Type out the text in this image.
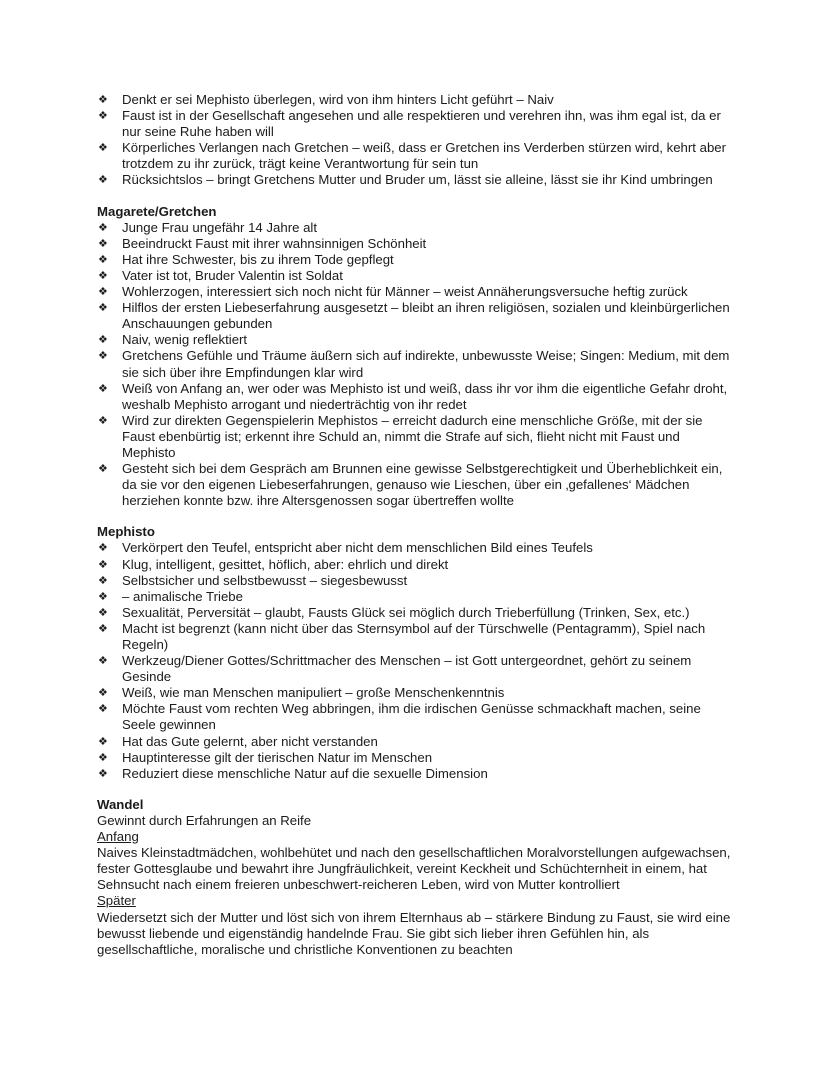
❖ Denkt er sei Mephisto überlegen, wird von ihm hinters Licht geführt – Naiv
❖ Faust ist in der Gesellschaft angesehen und alle respektieren und verehren ihn, was ihm egal ist, da er nur seine Ruhe haben will
❖ Körperliches Verlangen nach Gretchen – weiß, dass er Gretchen ins Verderben stürzen wird, kehrt aber trotzdem zu ihr zurück, trägt keine Verantwortung für sein tun
❖ Rücksichtslos – bringt Gretchens Mutter und Bruder um, lässt sie alleine, lässt sie ihr Kind umbringen
Magarete/Gretchen
❖ Junge Frau ungefähr 14 Jahre alt
❖ Beeindruckt Faust mit ihrer wahnsinnigen Schönheit
❖ Hat ihre Schwester, bis zu ihrem Tode gepflegt
❖ Vater ist tot, Bruder Valentin ist Soldat
❖ Wohlerzogen, interessiert sich noch nicht für Männer – weist Annäherungsversuche heftig zurück
❖ Hilflos der ersten Liebeserfahrung ausgesetzt – bleibt an ihren religiösen, sozialen und kleinbürgerlichen Anschauungen gebunden
❖ Naiv, wenig reflektiert
❖ Gretchens Gefühle und Träume äußern sich auf indirekte, unbewusste Weise; Singen: Medium, mit dem sie sich über ihre Empfindungen klar wird
❖ Weiß von Anfang an, wer oder was Mephisto ist und weiß, dass ihr vor ihm die eigentliche Gefahr droht, weshalb Mephisto arrogant und niederträchtig von ihr redet
❖ Wird zur direkten Gegenspielerin Mephistos – erreicht dadurch eine menschliche Größe, mit der sie Faust ebenbürtig ist; erkennt ihre Schuld an, nimmt die Strafe auf sich, flieht nicht mit Faust und Mephisto
❖ Gesteht sich bei dem Gespräch am Brunnen eine gewisse Selbstgerechtigkeit und Überheblichkeit ein, da sie vor den eigenen Liebeserfahrungen, genauso wie Lieschen, über ein ‚gefallenes‘ Mädchen herziehen konnte bzw. ihre Altersgenossen sogar übertreffen wollte
Mephisto
❖ Verkörpert den Teufel, entspricht aber nicht dem menschlichen Bild eines Teufels
❖ Klug, intelligent, gesittet, höflich, aber: ehrlich und direkt
❖ Selbstsicher und selbstbewusst – siegesbewusst
❖ – animalische Triebe
❖ Sexualität, Perversität – glaubt, Fausts Glück sei möglich durch Trieberfüllung (Trinken, Sex, etc.)
❖ Macht ist begrenzt (kann nicht über das Sternsymbol auf der Türschwelle (Pentagramm), Spiel nach Regeln)
❖ Werkzeug/Diener Gottes/Schrittmacher des Menschen – ist Gott untergeordnet, gehört zu seinem Gesinde
❖ Weiß, wie man Menschen manipuliert – große Menschenkenntnis
❖ Möchte Faust vom rechten Weg abbringen, ihm die irdischen Genüsse schmackhaft machen, seine Seele gewinnen
❖ Hat das Gute gelernt, aber nicht verstanden
❖ Hauptinteresse gilt der tierischen Natur im Menschen
❖ Reduziert diese menschliche Natur auf die sexuelle Dimension
Wandel

Gewinnt durch Erfahrungen an Reife

Anfang

Naives Kleinstadtmädchen, wohlbehütet und nach den gesellschaftlichen Moralvorstellungen aufgewachsen, fester Gottesglaube und bewahrt ihre Jungfräulichkeit, vereint Keckheit und Schüchternheit in einem, hat Sehnsucht nach einem freieren unbeschwert-reicheren Leben, wird von Mutter kontrolliert

Später

Wiedersetzt sich der Mutter und löst sich von ihrem Elternhaus ab – stärkere Bindung zu Faust, sie wird eine bewusst liebende und eigenständig handelnde Frau. Sie gibt sich lieber ihren Gefühlen hin, als gesellschaftliche, moralische und christliche Konventionen zu beachten
